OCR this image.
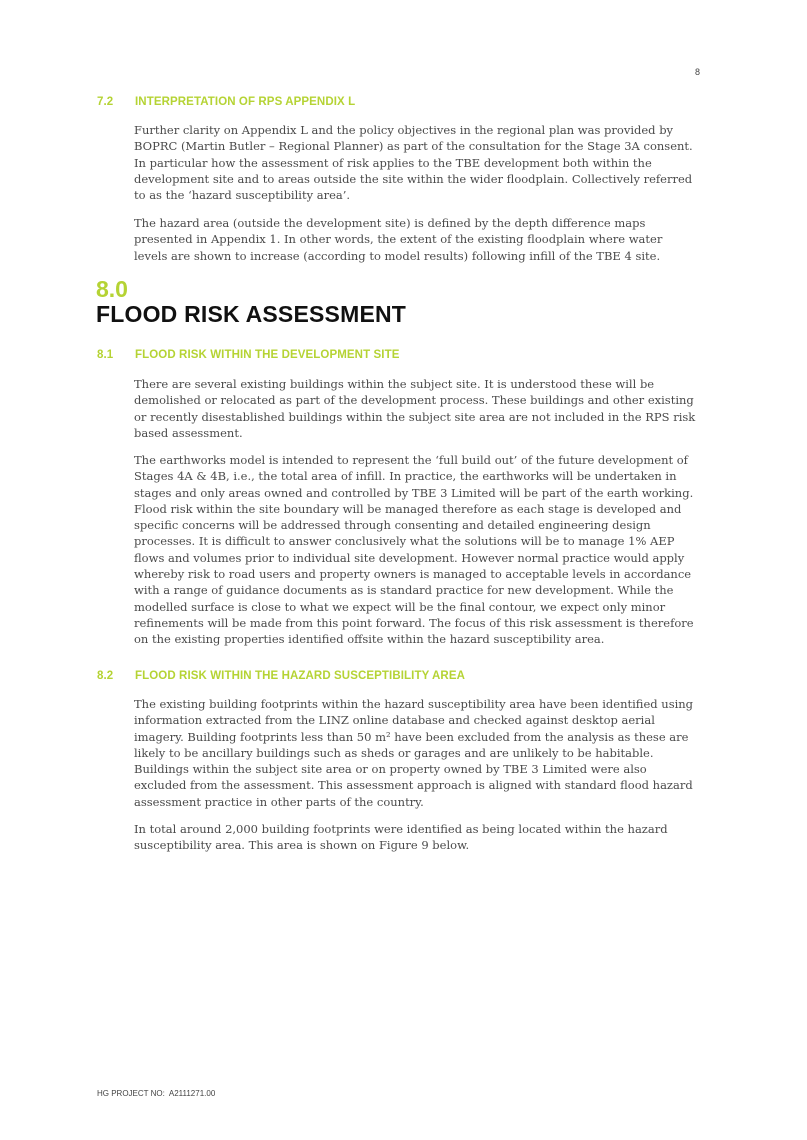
8
7.2 INTERPRETATION OF RPS APPENDIX L

Further clarity on Appendix L and the policy objectives in the regional plan was provided by BOPRC (Martin Butler – Regional Planner) as part of the consultation for the Stage 3A consent. In particular how the assessment of risk applies to the TBE development both within the development site and to areas outside the site within the wider floodplain. Collectively referred to as the ‘hazard susceptibility area’.

The hazard area (outside the development site) is defined by the depth difference maps presented in Appendix 1. In other words, the extent of the existing floodplain where water levels are shown to increase (according to model results) following infill of the TBE 4 site.

8.0
FLOOD RISK ASSESSMENT
8.1 FLOOD RISK WITHIN THE DEVELOPMENT SITE

There are several existing buildings within the subject site. It is understood these will be demolished or relocated as part of the development process. These buildings and other existing or recently disestablished buildings within the subject site area are not included in the RPS risk based assessment.

The earthworks model is intended to represent the ‘full build out’ of the future development of Stages 4A & 4B, i.e., the total area of infill. In practice, the earthworks will be undertaken in stages and only areas owned and controlled by TBE 3 Limited will be part of the earth working. Flood risk within the site boundary will be managed therefore as each stage is developed and specific concerns will be addressed through consenting and detailed engineering design processes. It is difficult to answer conclusively what the solutions will be to manage 1% AEP flows and volumes prior to individual site development. However normal practice would apply whereby risk to road users and property owners is managed to acceptable levels in accordance with a range of guidance documents as is standard practice for new development. While the modelled surface is close to what we expect will be the final contour, we expect only minor refinements will be made from this point forward. The focus of this risk assessment is therefore on the existing properties identified offsite within the hazard susceptibility area.

8.2 FLOOD RISK WITHIN THE HAZARD SUSCEPTIBILITY AREA

The existing building footprints within the hazard susceptibility area have been identified using information extracted from the LINZ online database and checked against desktop aerial imagery. Building footprints less than 50 m² have been excluded from the analysis as these are likely to be ancillary buildings such as sheds or garages and are unlikely to be habitable. Buildings within the subject site area or on property owned by TBE 3 Limited were also excluded from the assessment. This assessment approach is aligned with standard flood hazard assessment practice in other parts of the country.

In total around 2,000 building footprints were identified as being located within the hazard susceptibility area. This area is shown on Figure 9 below.

HG PROJECT NO: A2111271.00
